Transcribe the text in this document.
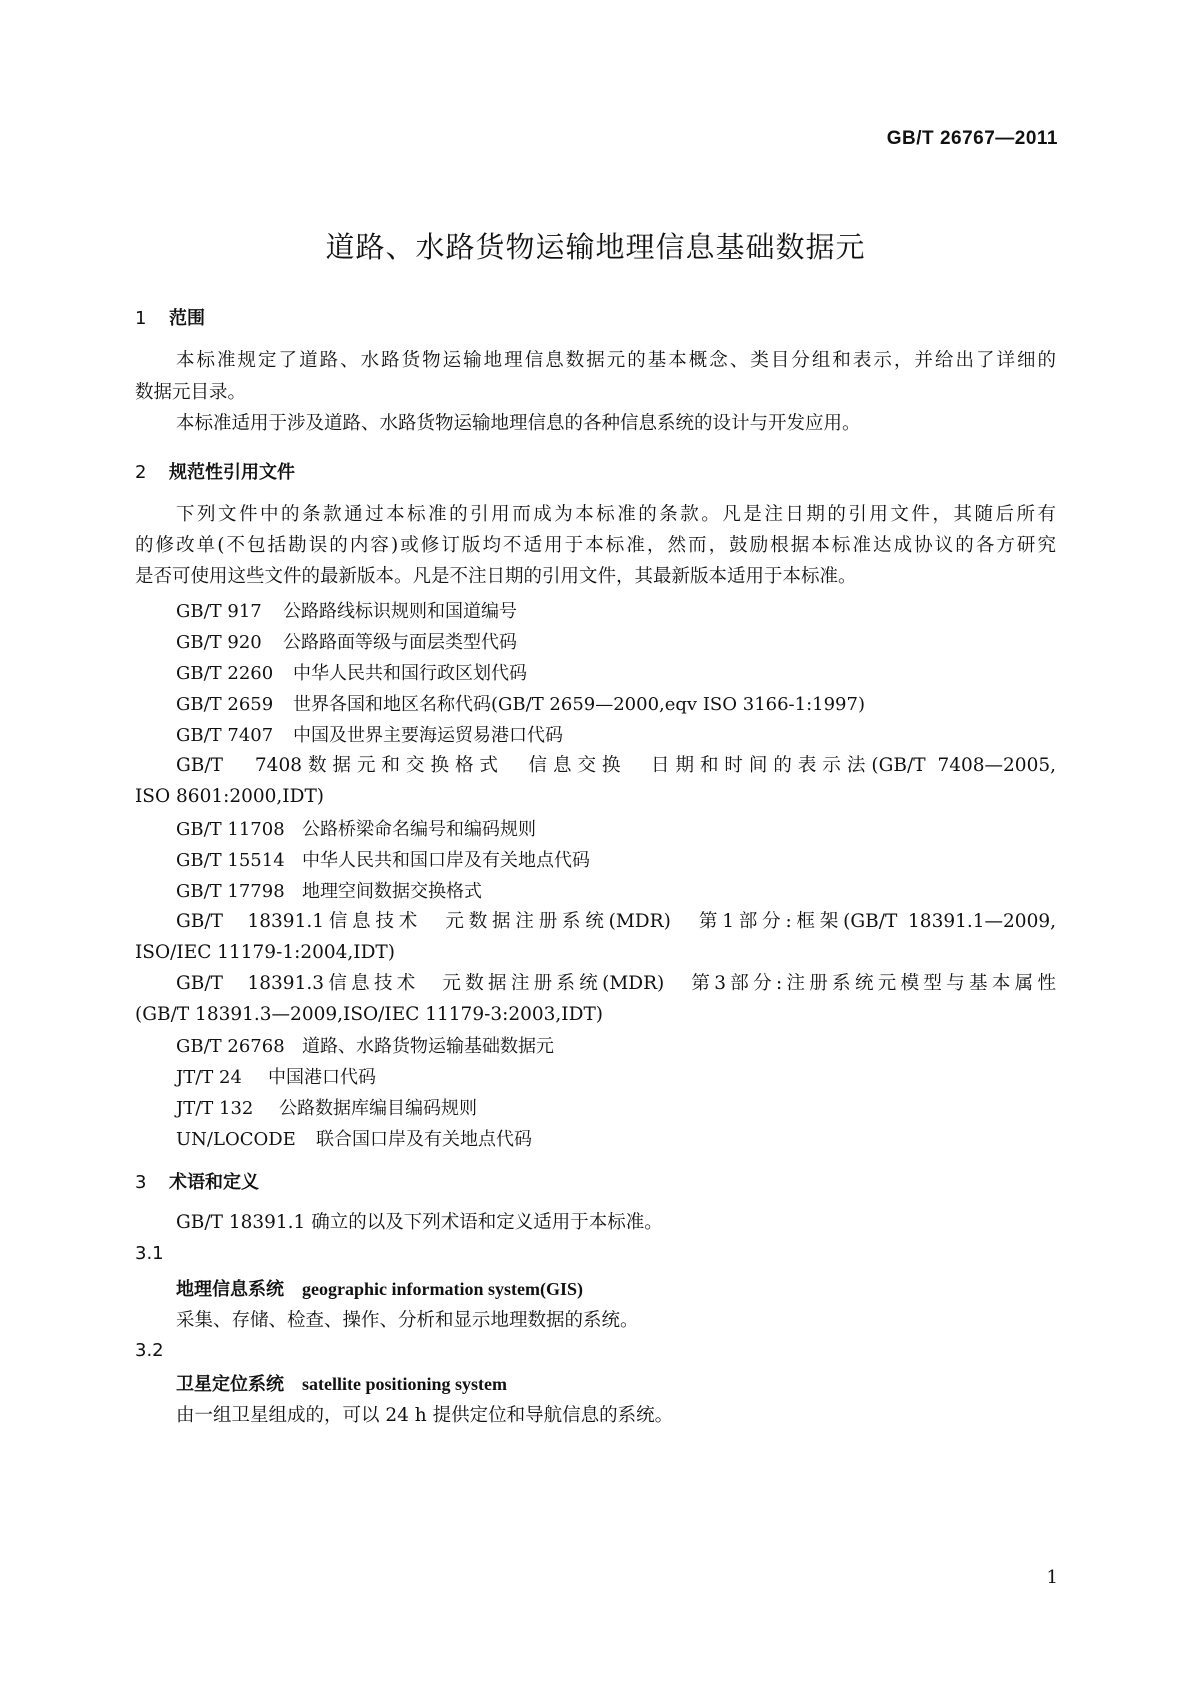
GB/T 26767—2011
道路、水路货物运输地理信息基础数据元
1 范围
本标准规定了道路、水路货物运输地理信息数据元的基本概念、类目分组和表示，并给出了详细的
数据元目录。
本标准适用于涉及道路、水路货物运输地理信息的各种信息系统的设计与开发应用。
2 规范性引用文件
下列文件中的条款通过本标准的引用而成为本标准的条款。凡是注日期的引用文件，其随后所有
的修改单(不包括勘误的内容)或修订版均不适用于本标准，然而，鼓励根据本标准达成协议的各方研究
是否可使用这些文件的最新版本。凡是不注日期的引用文件，其最新版本适用于本标准。
GB/T 917 公路路线标识规则和国道编号
GB/T 920 公路路面等级与面层类型代码
GB/T 2260 中华人民共和国行政区划代码
GB/T 2659 世界各国和地区名称代码(GB/T 2659—2000,eqv ISO 3166-1:1997)
GB/T 7407 中国及世界主要海运贸易港口代码
GB/T 7408数据元和交换格式　信息交换　日期和时间的表示法(GB/T 7408—2005,
ISO 8601:2000,IDT)
GB/T 11708 公路桥梁命名编号和编码规则
GB/T 15514 中华人民共和国口岸及有关地点代码
GB/T 17798 地理空间数据交换格式
GB/T 18391.1信息技术　元数据注册系统(MDR)　第1部分:框架(GB/T 18391.1—2009,
ISO/IEC 11179-1:2004,IDT)
GB/T 18391.3信息技术　元数据注册系统(MDR)　第3部分:注册系统元模型与基本属性
(GB/T 18391.3—2009,ISO/IEC 11179-3:2003,IDT)
GB/T 26768 道路、水路货物运输基础数据元
JT/T 24 中国港口代码
JT/T 132 公路数据库编目编码规则
UN/LOCODE 联合国口岸及有关地点代码
3 术语和定义
GB/T 18391.1 确立的以及下列术语和定义适用于本标准。
3.1
地理信息系统 geographic information system(GIS)
采集、存储、检查、操作、分析和显示地理数据的系统。
3.2
卫星定位系统 satellite positioning system
由一组卫星组成的，可以 24 h 提供定位和导航信息的系统。
1
